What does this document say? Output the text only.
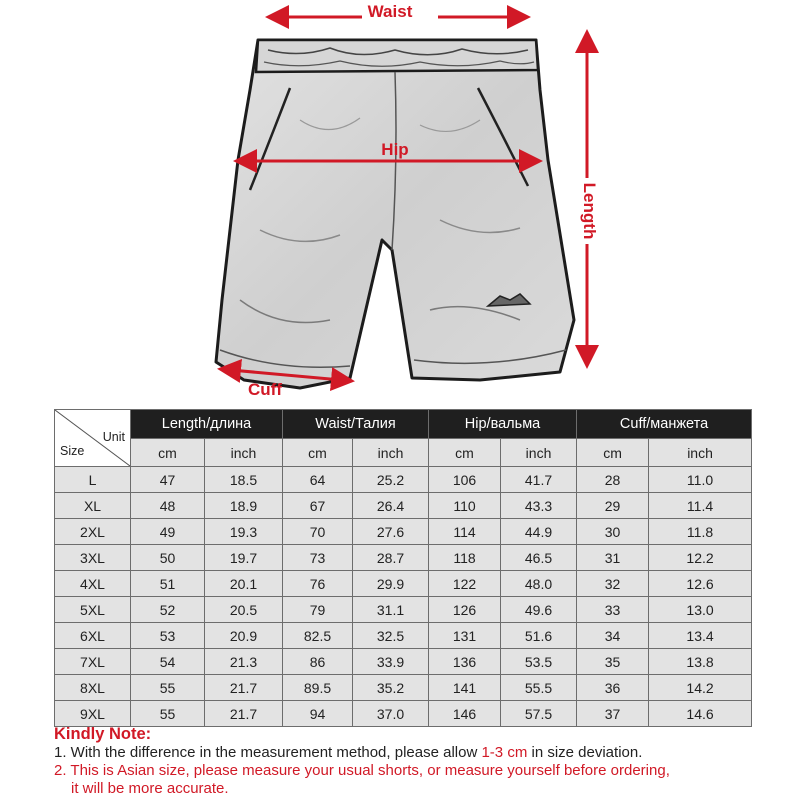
Waist
Hip
Length
Cuff
Size
Unit	Length/длина		Waist/Талия		Hip/вальма		Cuff/манжета	
	cm	inch	cm	inch	cm	inch	cm	inch
L	47	18.5	64	25.2	106	41.7	28	11.0
XL	48	18.9	67	26.4	110	43.3	29	11.4
2XL	49	19.3	70	27.6	114	44.9	30	11.8
3XL	50	19.7	73	28.7	118	46.5	31	12.2
4XL	51	20.1	76	29.9	122	48.0	32	12.6
5XL	52	20.5	79	31.1	126	49.6	33	13.0
6XL	53	20.9	82.5	32.5	131	51.6	34	13.4
7XL	54	21.3	86	33.9	136	53.5	35	13.8
8XL	55	21.7	89.5	35.2	141	55.5	36	14.2
9XL	55	21.7	94	37.0	146	57.5	37	14.6
Kindly Note:
1. With the difference in the measurement method, please allow 1-3 cm in size deviation.
2. This is Asian size, please measure your usual shorts, or measure yourself before ordering,
it will be more accurate.
